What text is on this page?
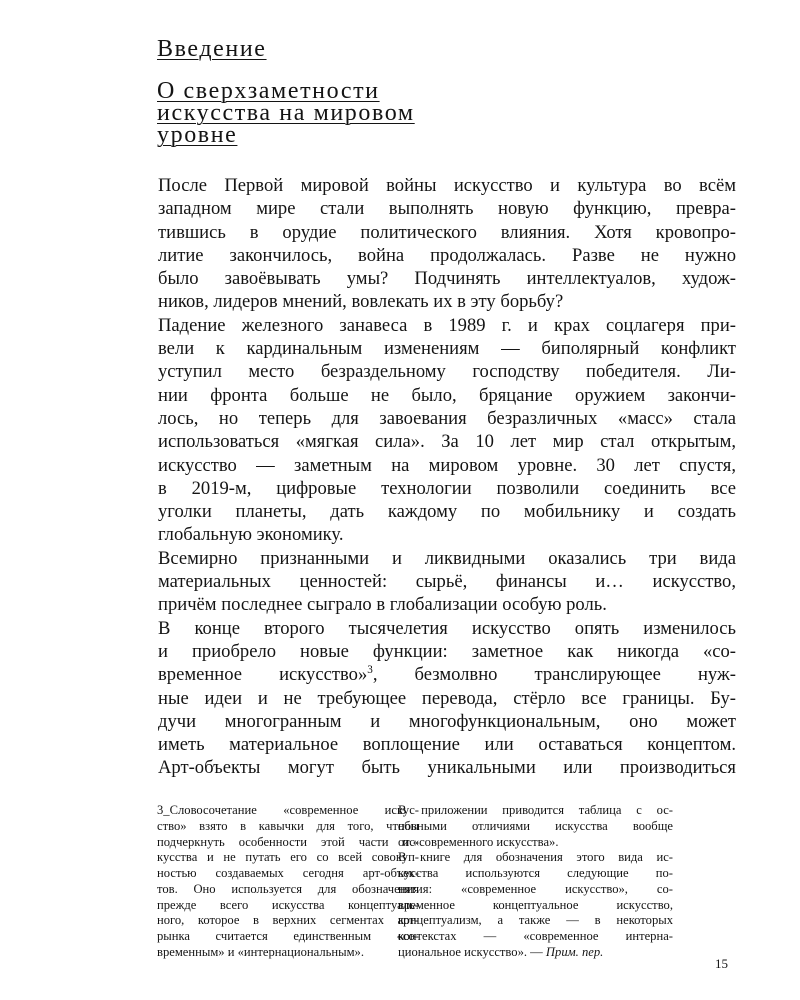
Введение
О сверхзаметности
искусства на мировом
уровне

После Первой мировой войны искусство и культура во всём
западном мире стали выполнять новую функцию, превра-
тившись в орудие политического влияния. Хотя кровопро-
литие закончилось, война продолжалась. Разве не нужно
было завоёвывать умы? Подчинять интеллектуалов, худож-
ников, лидеров мнений, вовлекать их в эту борьбу?

Падение железного занавеса в 1989 г. и крах соцлагеря при-
вели к кардинальным изменениям — биполярный конфликт
уступил место безраздельному господству победителя. Ли-
нии фронта больше не было, бряцание оружием закончи-
лось, но теперь для завоевания безразличных «масс» стала
использоваться «мягкая сила». За 10 лет мир стал открытым,
искусство — заметным на мировом уровне. 30 лет спустя,
в 2019-м, цифровые технологии позволили соединить все
уголки планеты, дать каждому по мобильнику и создать
глобальную экономику.

Всемирно признанными и ликвидными оказались три вида
материальных ценностей: сырьё, финансы и… искусство,
причём последнее сыграло в глобализации особую роль.

В конце второго тысячелетия искусство опять изменилось
и приобрело новые функции: заметное как никогда «со-
временное искусство»$^3$, безмолвно транслирующее нуж-
ные идеи и не требующее перевода, стёрло все границы. Бу-
дучи многогранным и многофункциональным, оно может
иметь материальное воплощение или оставаться концептом.
Арт-объекты могут быть уникальными или производиться

3_Словосочетание «современное искус-
ство» взято в кавычки для того, чтобы
подчеркнуть особенности этой части ис-
кусства и не путать его со всей совокуп-
ностью создаваемых сегодня арт-объек-
тов. Оно используется для обозначения
прежде всего искусства концептуаль-
ного, которое в верхних сегментах арт-
рынка считается единственным «со-
временным» и «интернациональным».
В приложении приводится таблица с ос-
новными отличиями искусства вообще
от «современного искусства».
В книге для обозначения этого вида ис-
кусства используются следующие по-
нятия: «современное искусство», со-
временное концептуальное искусство,
концептуализм, а также — в некоторых
контекстах — «современное интерна-
циональное искусство». — Прим. пер.
15
